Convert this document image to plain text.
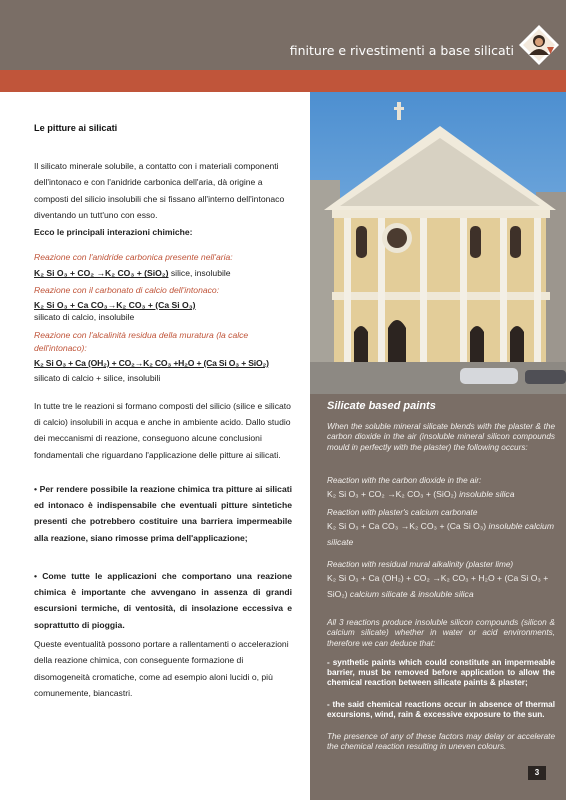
finiture e rivestimenti a base silicati
Le pitture ai silicati

Il silicato minerale solubile, a contatto con i materiali componenti dell'intonaco e con l'anidride carbonica dell'aria, dà origine a composti del silicio insolubili che si fissano all'interno dell'intonaco diventando un tutt'uno con esso.

Ecco le principali interazioni chimiche:

Reazione con l'anidride carbonica presente nell'aria:

K₂ Si O₃ + CO₂ →K₂ CO₃ + (SiO₂) silice, insolubile

Reazione con il carbonato di calcio dell'intonaco:

K₂ Si O₃ + Ca CO₃→K₂ CO₃ + (Ca Si O₃)

silicato di calcio, insolubile

Reazione con l'alcalinità residua della muratura (la calce dell'intonaco):

K₂ Si O₃ + Ca (OH₂) + CO₂→K₂ CO₃ +H₂O + (Ca Si O₃ + SiO₂)

silicato di calcio + silice, insolubili

In tutte tre le reazioni si formano composti del silicio (silice e silicato di calcio) insolubili in acqua e anche in ambiente acido. Dallo studio dei meccanismi di reazione, conseguono alcune conclusioni fondamentali che riguardano l'applicazione delle pitture ai silicati.

• Per rendere possibile la reazione chimica tra pitture ai silicati ed intonaco è indispensabile che eventuali pitture sintetiche presenti che potrebbero costituire una barriera impermeabile alla reazione, siano rimosse prima dell'applicazione;

• Come tutte le applicazioni che comportano una reazione chimica è importante che avvengano in assenza di grandi escursioni termiche, di ventosità, di insolazione eccessiva e soprattutto di pioggia.

Queste eventualità possono portare a rallentamenti o accelerazioni della reazione chimica, con conseguente formazione di disomogeneità cromatiche, come ad esempio aloni lucidi o, più comunemente, biancastri.

Silicate based paints

When the soluble mineral silicate blends with the plaster & the carbon dioxide in the air (insoluble mineral silicon compounds mould in perfectly with the plaster) the following occurs:

Reaction with the carbon dioxide in the air:

K₂ Si O₃ + CO₂ →K₂ CO₃ + (SiO₂) insoluble silica

Reaction with plaster's calcium carbonate

K₂ Si O₃ + Ca CO₃ →K₂ CO₃ + (Ca Si O₃) insoluble calcium silicate

Reaction with residual mural alkalinity (plaster lime)

K₂ Si O₃ + Ca (OH₂) + CO₂ →K₂ CO₃ + H₂O + (Ca Si O₃ + SiO₂) calcium silicate & insoluble silica

All 3 reactions produce insoluble silicon compounds (silicon & calcium silicate) whether in water or acid environments, therefore we can deduce that:

- synthetic paints which could constitute an impermeable barrier, must be removed before application to allow the chemical reaction between silicate paints & plaster;

- the said chemical reactions occur in absence of thermal excursions, wind, rain & excessive exposure to the sun.

The presence of any of these factors may delay or accelerate the chemical reaction resulting in uneven colours.

3
